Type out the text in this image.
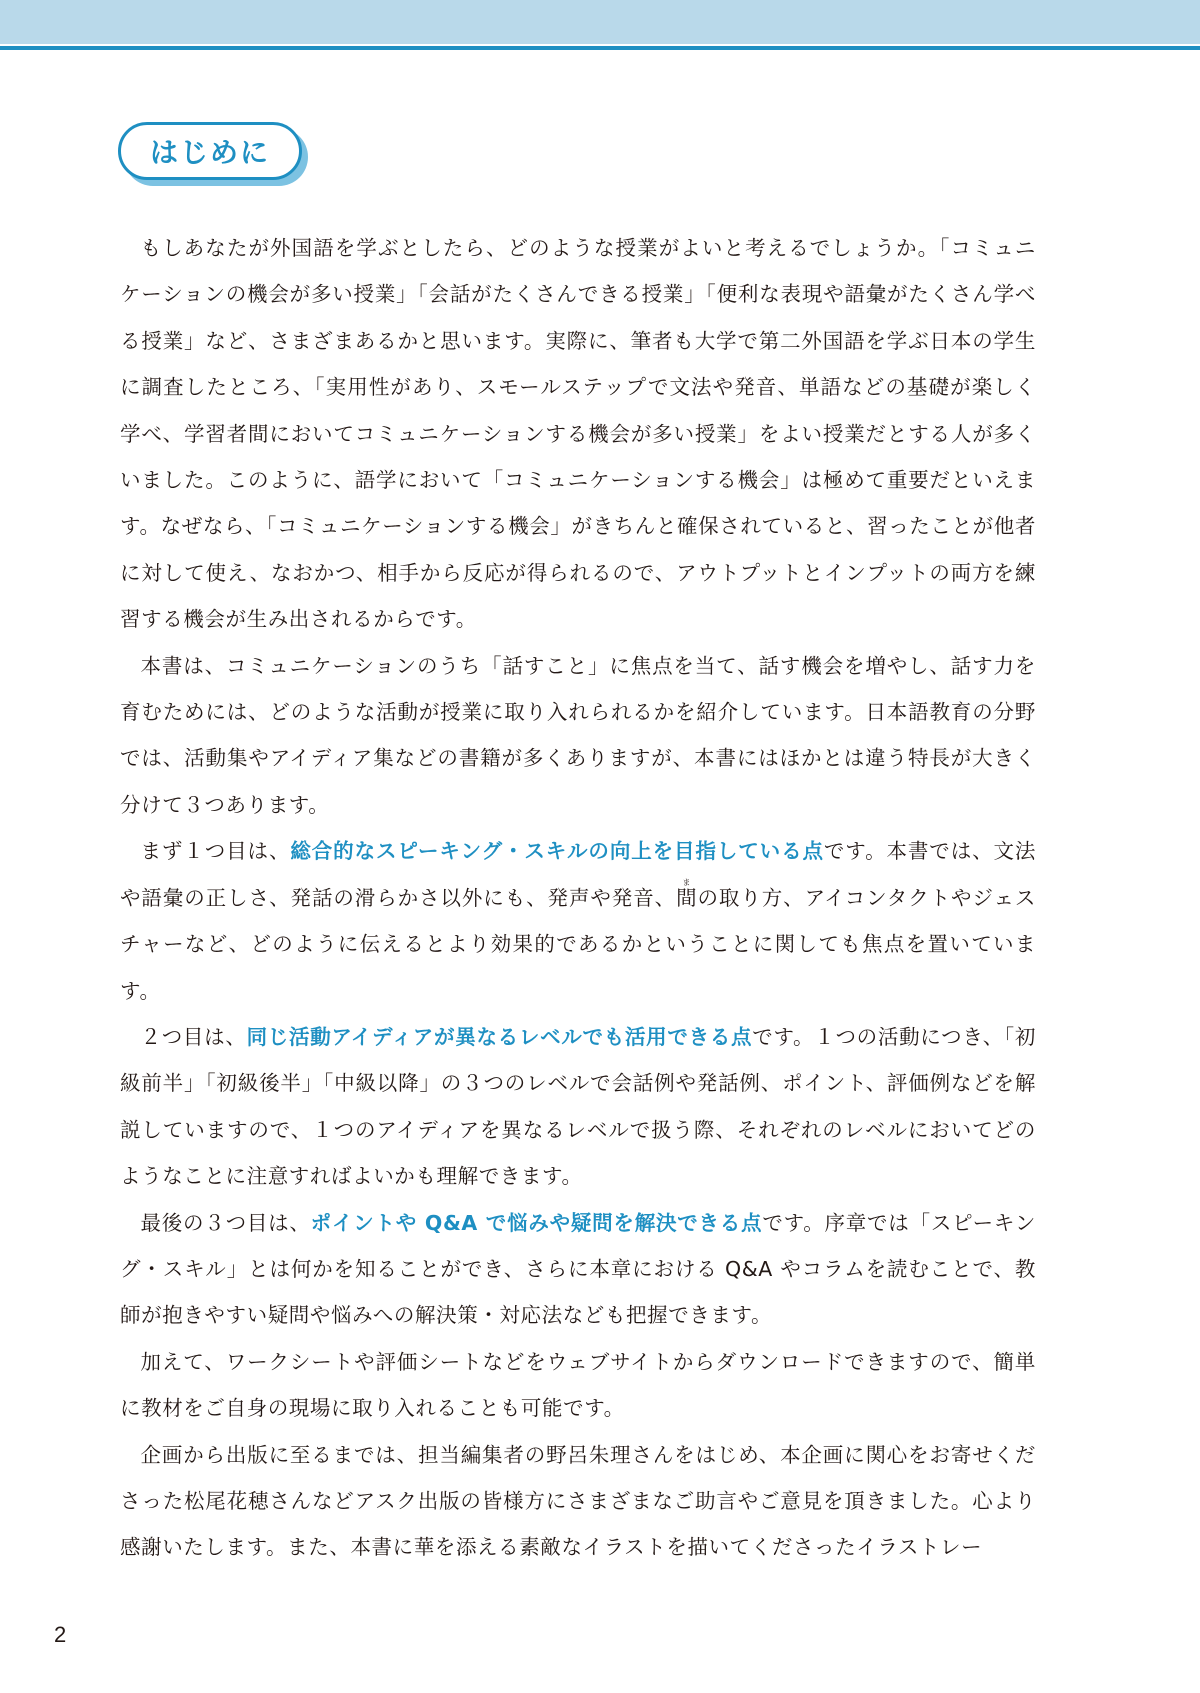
はじめに

もしあなたが外国語を学ぶとしたら、どのような授業がよいと考えるでしょうか。「コミュニケーションの機会が多い授業」「会話がたくさんできる授業」「便利な表現や語彙がたくさん学べる授業」など、さまざまあるかと思います。実際に、筆者も大学で第二外国語を学ぶ日本の学生に調査したところ、「実用性があり、スモールステップで文法や発音、単語などの基礎が楽しく学べ、学習者間においてコミュニケーションする機会が多い授業」をよい授業だとする人が多くいました。このように、語学において「コミュニケーションする機会」は極めて重要だといえます。なぜなら、「コミュニケーションする機会」がきちんと確保されていると、習ったことが他者に対して使え、なおかつ、相手から反応が得られるので、アウトプットとインプットの両方を練習する機会が生み出されるからです。

本書は、コミュニケーションのうち「話すこと」に焦点を当て、話す機会を増やし、話す力を育むためには、どのような活動が授業に取り入れられるかを紹介しています。日本語教育の分野では、活動集やアイディア集などの書籍が多くありますが、本書にはほかとは違う特長が大きく分けて３つあります。

まず１つ目は、総合的なスピーキング・スキルの向上を目指している点です。本書では、文法や語彙の正しさ、発話の滑らかさ以外にも、発声や発音、間まの取り方、アイコンタクトやジェスチャーなど、どのように伝えるとより効果的であるかということに関しても焦点を置いています。

２つ目は、同じ活動アイディアが異なるレベルでも活用できる点です。１つの活動につき、「初級前半」「初級後半」「中級以降」の３つのレベルで会話例や発話例、ポイント、評価例などを解説していますので、１つのアイディアを異なるレベルで扱う際、それぞれのレベルにおいてどのようなことに注意すればよいかも理解できます。

最後の３つ目は、ポイントや Q&A で悩みや疑問を解決できる点です。序章では「スピーキング・スキル」とは何かを知ることができ、さらに本章における Q&A やコラムを読むことで、教師が抱きやすい疑問や悩みへの解決策・対応法なども把握できます。

加えて、ワークシートや評価シートなどをウェブサイトからダウンロードできますので、簡単に教材をご自身の現場に取り入れることも可能です。

企画から出版に至るまでは、担当編集者の野呂朱理さんをはじめ、本企画に関心をお寄せくださった松尾花穂さんなどアスク出版の皆様方にさまざまなご助言やご意見を頂きました。心より感謝いたします。また、本書に華を添える素敵なイラストを描いてくださったイラストレー

2
